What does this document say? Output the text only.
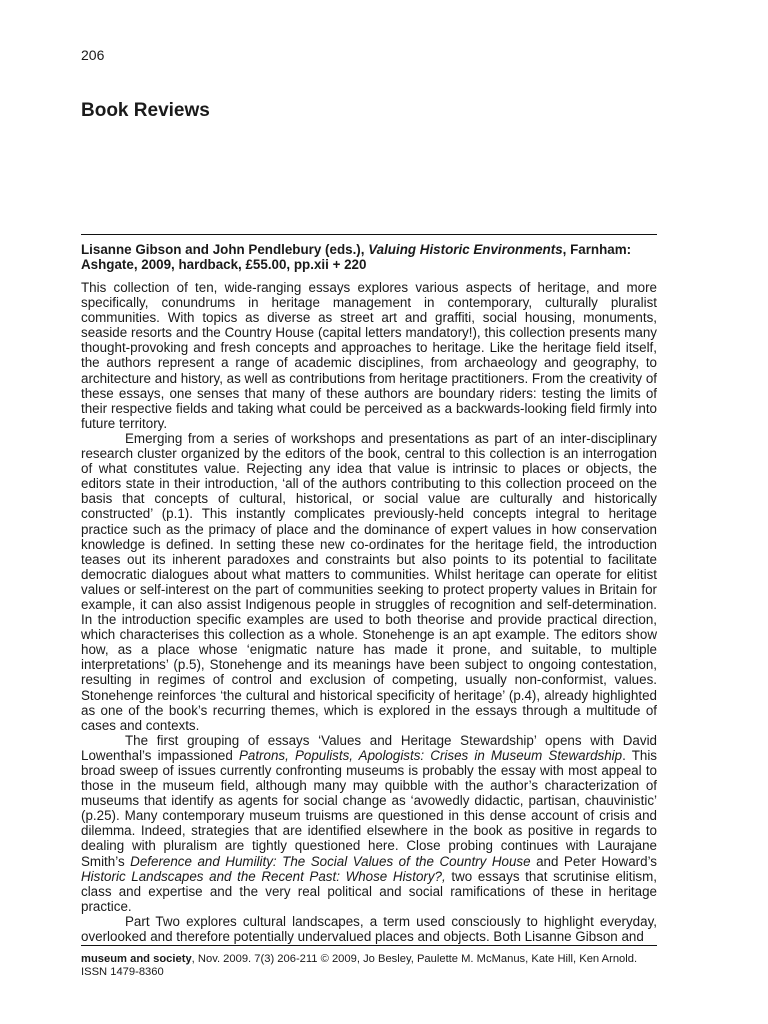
206
Book Reviews

Lisanne Gibson and John Pendlebury (eds.), Valuing Historic Environments, Farnham: Ashgate, 2009, hardback, £55.00, pp.xii + 220

This collection of ten, wide-ranging essays explores various aspects of heritage, and more specifically, conundrums in heritage management in contemporary, culturally pluralist communities. With topics as diverse as street art and graffiti, social housing, monuments, seaside resorts and the Country House (capital letters mandatory!), this collection presents many thought-provoking and fresh concepts and approaches to heritage. Like the heritage field itself, the authors represent a range of academic disciplines, from archaeology and geography, to architecture and history, as well as contributions from heritage practitioners. From the creativity of these essays, one senses that many of these authors are boundary riders: testing the limits of their respective fields and taking what could be perceived as a backwards-looking field firmly into future territory.

Emerging from a series of workshops and presentations as part of an inter-disciplinary research cluster organized by the editors of the book, central to this collection is an interrogation of what constitutes value. Rejecting any idea that value is intrinsic to places or objects, the editors state in their introduction, ‘all of the authors contributing to this collection proceed on the basis that concepts of cultural, historical, or social value are culturally and historically constructed’ (p.1). This instantly complicates previously-held concepts integral to heritage practice such as the primacy of place and the dominance of expert values in how conservation knowledge is defined. In setting these new co-ordinates for the heritage field, the introduction teases out its inherent paradoxes and constraints but also points to its potential to facilitate democratic dialogues about what matters to communities. Whilst heritage can operate for elitist values or self-interest on the part of communities seeking to protect property values in Britain for example, it can also assist Indigenous people in struggles of recognition and self-determination. In the introduction specific examples are used to both theorise and provide practical direction, which characterises this collection as a whole. Stonehenge is an apt example. The editors show how, as a place whose ‘enigmatic nature has made it prone, and suitable, to multiple interpretations’ (p.5), Stonehenge and its meanings have been subject to ongoing contestation, resulting in regimes of control and exclusion of competing, usually non-conformist, values. Stonehenge reinforces ‘the cultural and historical specificity of heritage’ (p.4), already highlighted as one of the book’s recurring themes, which is explored in the essays through a multitude of cases and contexts.

The first grouping of essays ‘Values and Heritage Stewardship’ opens with David Lowenthal’s impassioned Patrons, Populists, Apologists: Crises in Museum Stewardship. This broad sweep of issues currently confronting museums is probably the essay with most appeal to those in the museum field, although many may quibble with the author’s characterization of museums that identify as agents for social change as ‘avowedly didactic, partisan, chauvinistic’ (p.25). Many contemporary museum truisms are questioned in this dense account of crisis and dilemma. Indeed, strategies that are identified elsewhere in the book as positive in regards to dealing with pluralism are tightly questioned here. Close probing continues with Laurajane Smith’s Deference and Humility: The Social Values of the Country House and Peter Howard’s Historic Landscapes and the Recent Past: Whose History?, two essays that scrutinise elitism, class and expertise and the very real political and social ramifications of these in heritage practice.

Part Two explores cultural landscapes, a term used consciously to highlight everyday, overlooked and therefore potentially undervalued places and objects. Both Lisanne Gibson and

museum and society, Nov. 2009. 7(3) 206-211 © 2009, Jo Besley, Paulette M. McManus, Kate Hill, Ken Arnold. ISSN 1479-8360
